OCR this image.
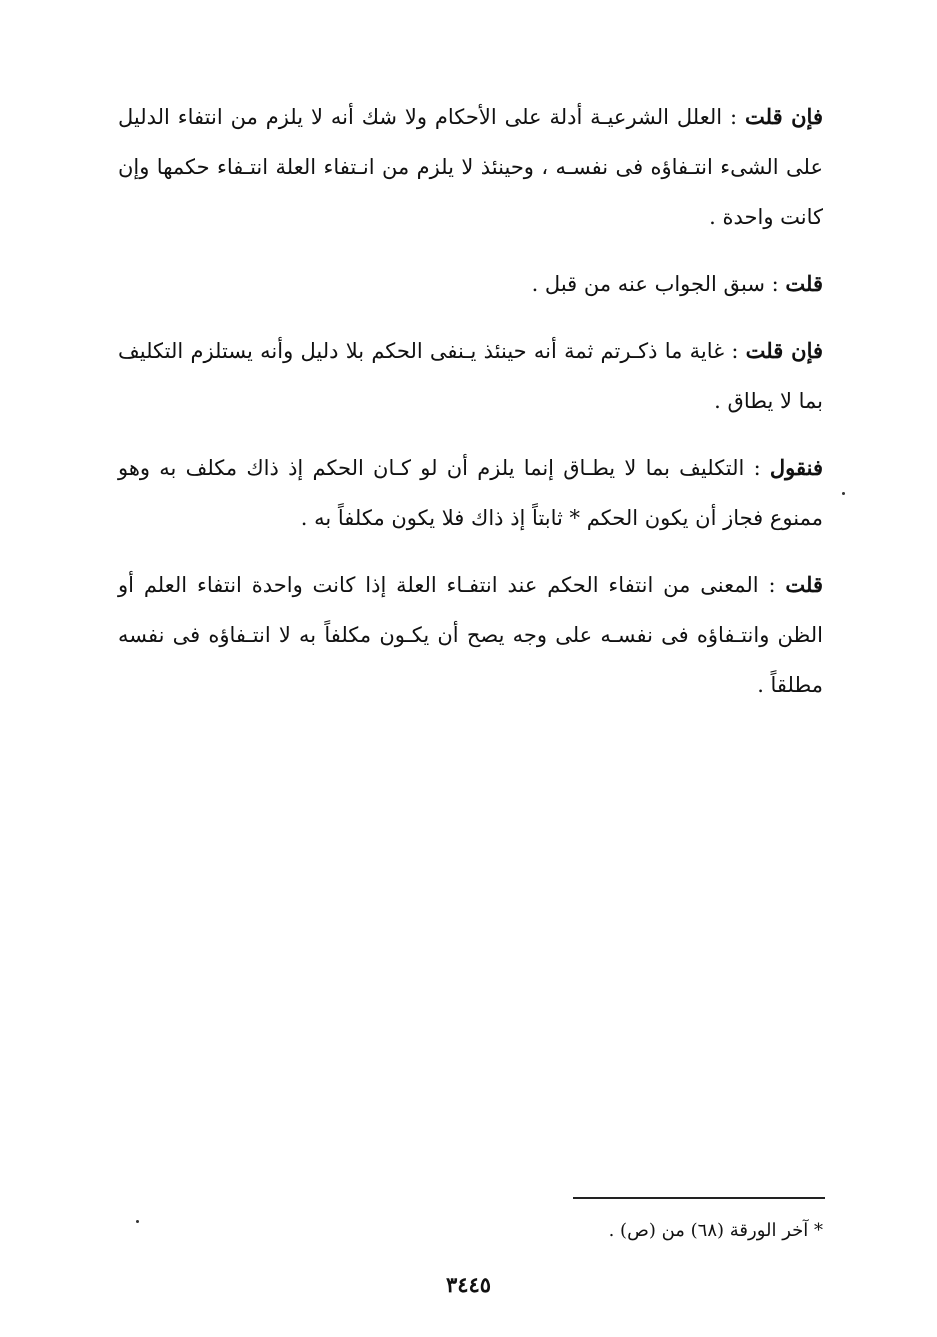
فإن قلت : العلل الشرعيـة أدلة على الأحكام ولا شك أنه لا يلزم من انتفاء الدليل على الشىء انتـفاؤه فى نفسـه ، وحينئذ لا يلزم من انـتفاء العلة انتـفاء حكمها وإن كانت واحدة .

قلت : سبق الجواب عنه من قبل .

فإن قلت : غاية ما ذكـرتم ثمة أنه حينئذ يـنفى الحكم بلا دليل وأنه يستلزم التكليف بما لا يطاق .

فنقول : التكليف بما لا يطـاق إنما يلزم أن لو كـان الحكم إذ ذاك مكلف به وهو ممنوع فجاز أن يكون الحكم * ثابتاً إذ ذاك فلا يكون مكلفاً به .

قلت : المعنى من انتفاء الحكم عند انتفـاء العلة إذا كانت واحدة انتفاء العلم أو الظن وانتـفاؤه فى نفسـه على وجه يصح أن يكـون مكلفاً به لا انتـفاؤه فى نفسه مطلقاً .

* آخر الورقة (٦٨) من (ص) .
٣٤٤٥
